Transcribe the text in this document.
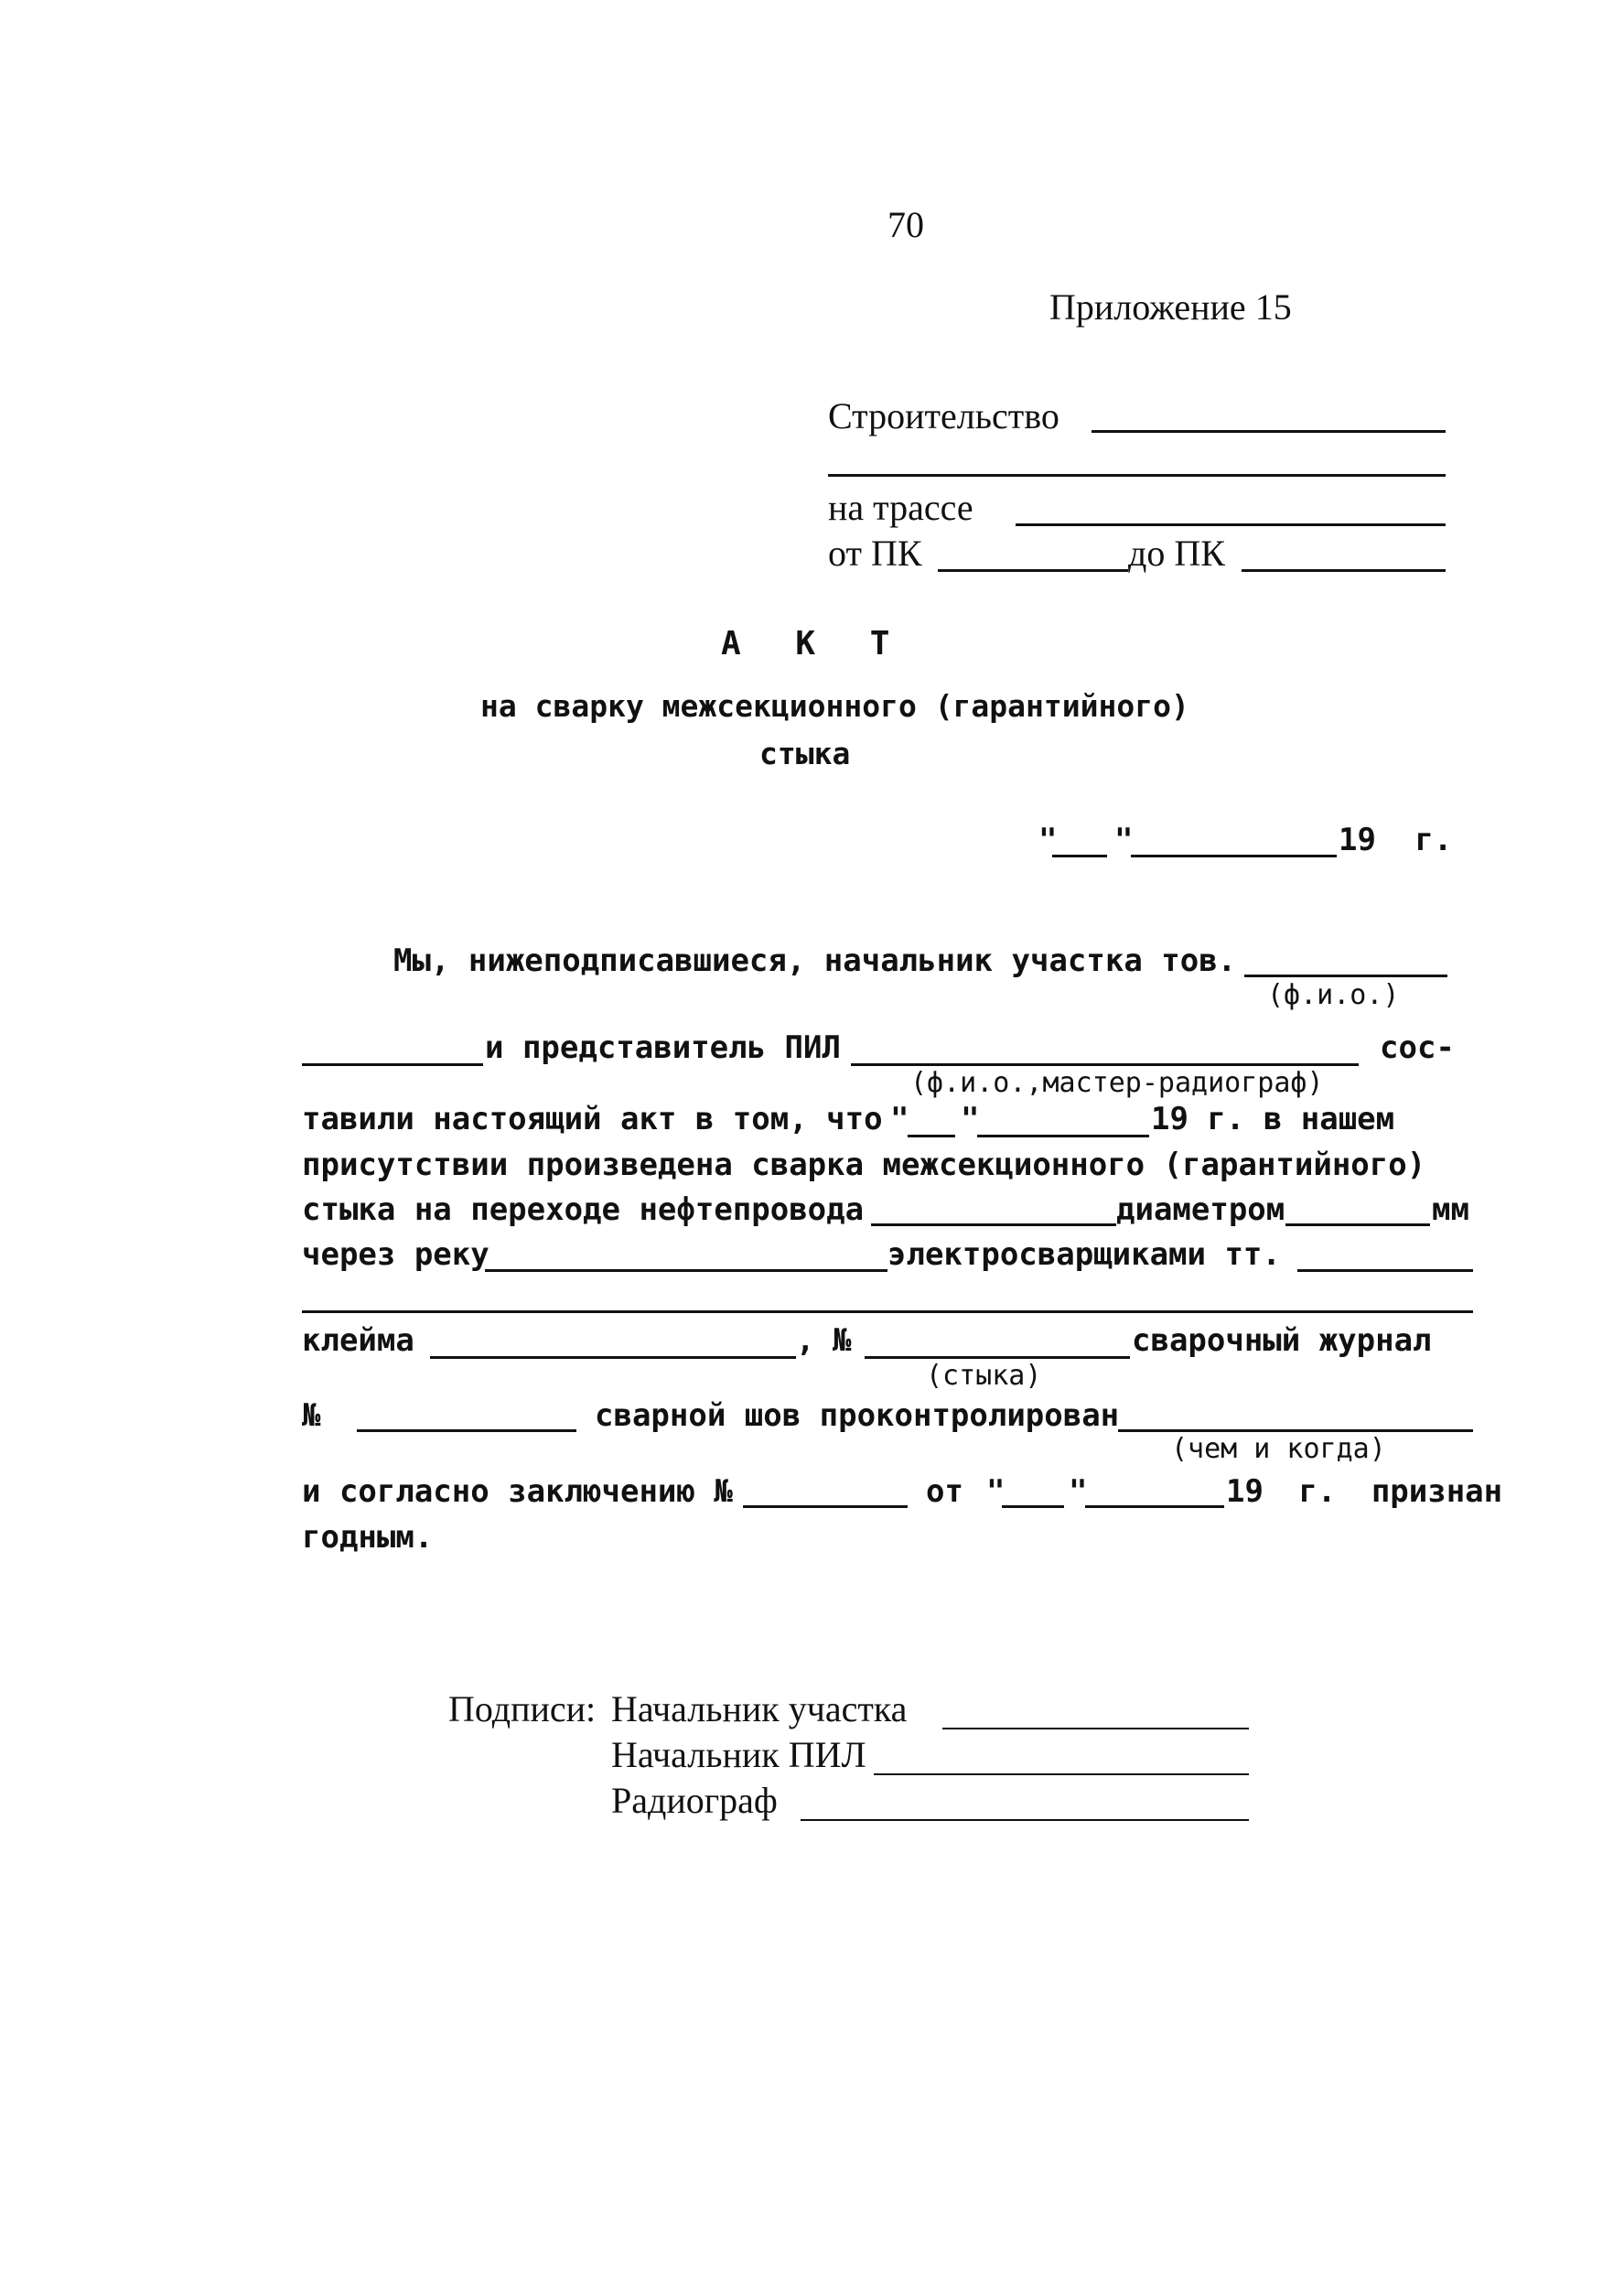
70
Приложение 15
Строительство
на трассе
от ПК	до ПК
А К Т
на сварку межсекционного (гарантийного)
стыка
" "	19 г.
Мы, нижеподписавшиеся, начальник участка тов.
(ф.и.о.)
и представитель ПИЛ	сос-
(ф.и.о.,мастер-радиограф)
тавили настоящий акт в том, что " "	19 г. в нашем
присутствии произведена сварка межсекционного (гарантийного)
стыка на переходе нефтепровода	диаметром	мм
через реку	электросварщиками тт.
клейма	, №	сварочный журнал
(стыка)
№	сварной шов проконтролирован
(чем и когда)
и согласно заключению №	от " "	19 г. признан
годным.
Подписи: Начальник участка
Начальник ПИЛ
Радиограф
